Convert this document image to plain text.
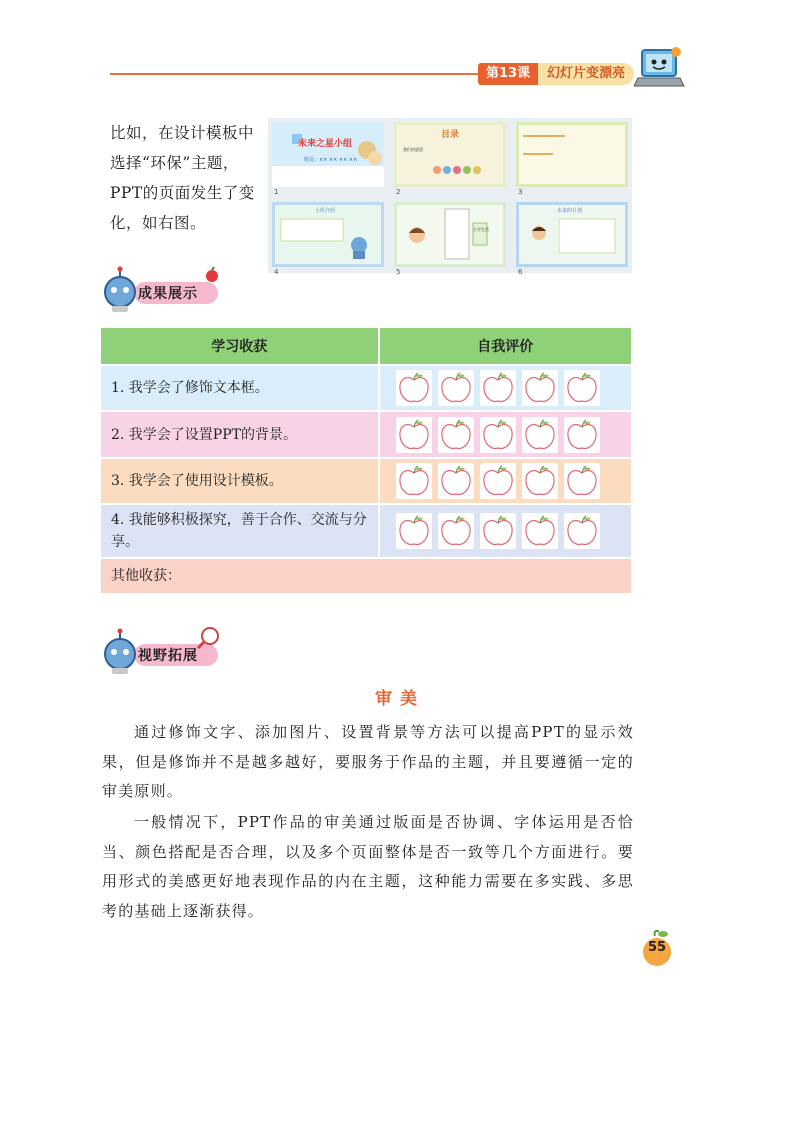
第13课	幻灯片变漂亮
比如，在设计模板中选择“环保”主题，PPT的页面发生了变化，如右图。
1
未来之星小组
组员：×× ×× ×× ××
目录
我们的愿望
2	3
小组介绍
4
小学生活
5
未来的计划
6
成果展示
学习收获	自我评价
1. 我学会了修饰文本框。	
2. 我学会了设置PPT的背景。	
3. 我学会了使用设计模板。	
4. 我能够积极探究，善于合作、交流与分享。	
其他收获：	
视野拓展
审美
通过修饰文字、添加图片、设置背景等方法可以提高PPT的显示效果，但是修饰并不是越多越好，要服务于作品的主题，并且要遵循一定的审美原则。
一般情况下，PPT作品的审美通过版面是否协调、字体运用是否恰当、颜色搭配是否合理，以及多个页面整体是否一致等几个方面进行。要用形式的美感更好地表现作品的内在主题，这种能力需要在多实践、多思考的基础上逐渐获得。
55
